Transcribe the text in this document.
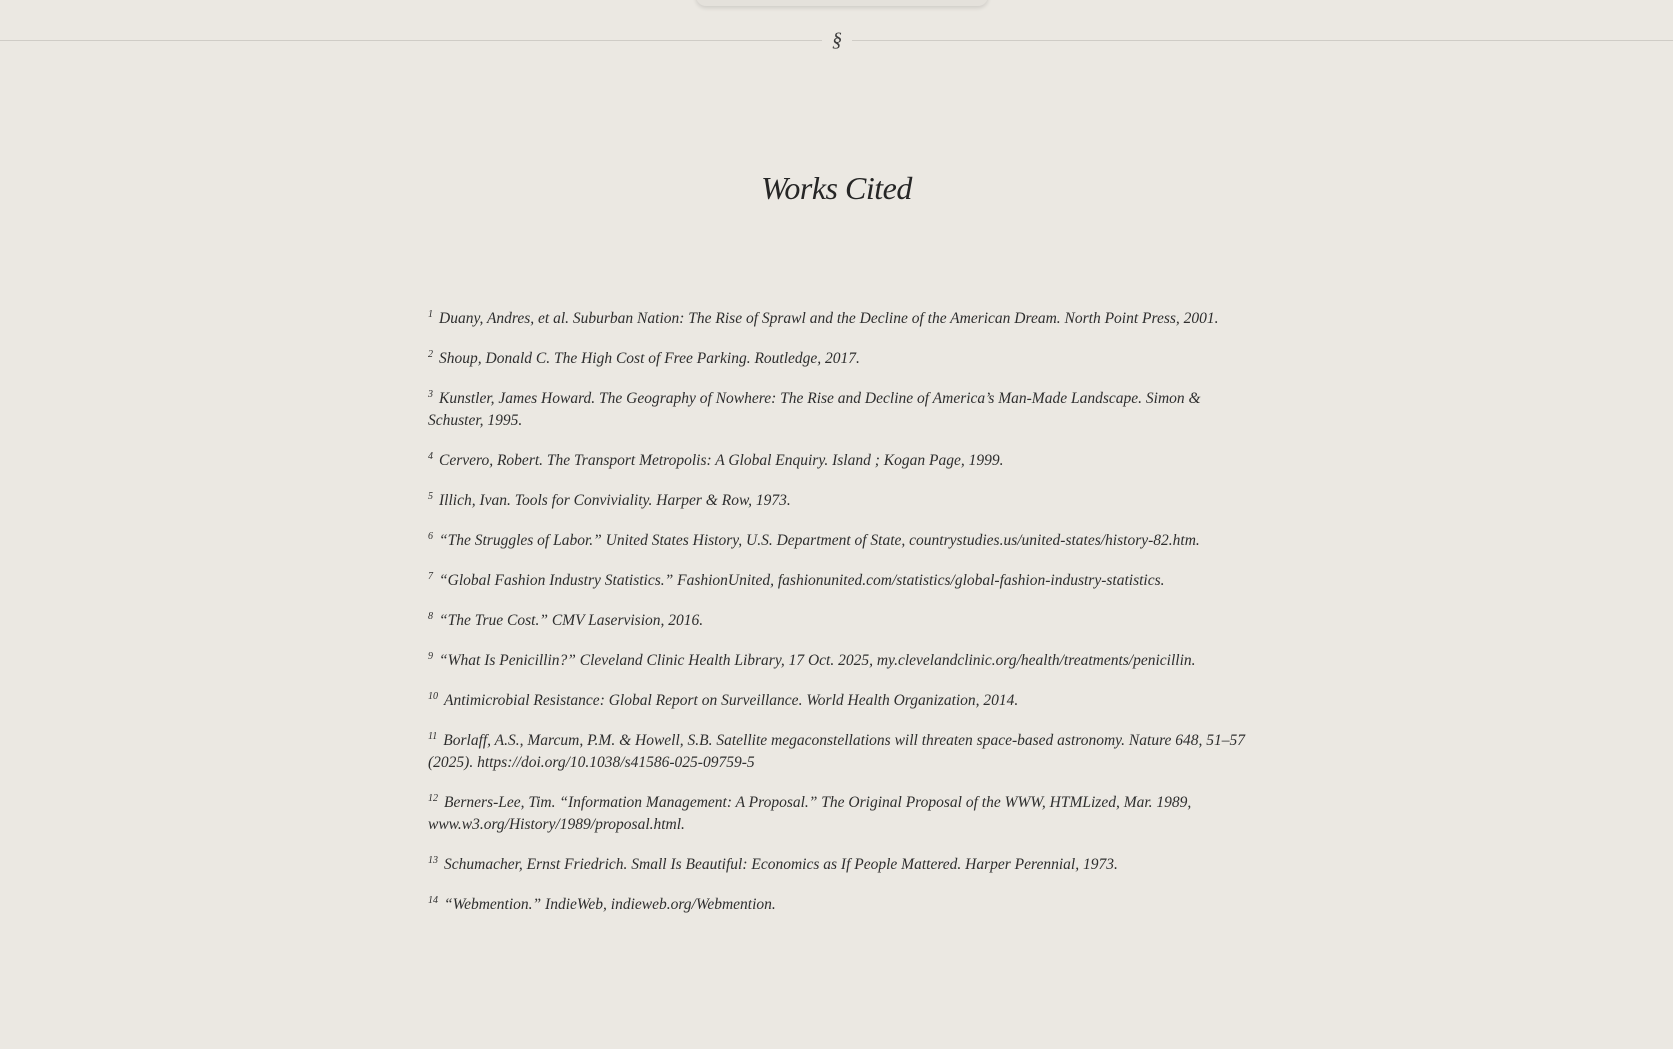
§
Works Cited
$^1$ Duany, Andres, et al. Suburban Nation: The Rise of Sprawl and the Decline of the American Dream. North Point Press, 2001.
$^2$ Shoup, Donald C. The High Cost of Free Parking. Routledge, 2017.
$^3$ Kunstler, James Howard. The Geography of Nowhere: The Rise and Decline of America’s Man-Made Landscape. Simon & Schuster, 1995.
$^4$ Cervero, Robert. The Transport Metropolis: A Global Enquiry. Island ; Kogan Page, 1999.
$^5$ Illich, Ivan. Tools for Conviviality. Harper & Row, 1973.
$^6$ “The Struggles of Labor.” United States History, U.S. Department of State, countrystudies.us/united-states/history-82.htm.
$^7$ “Global Fashion Industry Statistics.” FashionUnited, fashionunited.com/statistics/global-fashion-industry-statistics.
$^8$ “The True Cost.” CMV Laservision, 2016.
$^9$ “What Is Penicillin?” Cleveland Clinic Health Library, 17 Oct. 2025, my.clevelandclinic.org/health/treatments/penicillin.
$^{10}$ Antimicrobial Resistance: Global Report on Surveillance. World Health Organization, 2014.
$^{11}$ Borlaff, A.S., Marcum, P.M. & Howell, S.B. Satellite megaconstellations will threaten space-based astronomy. Nature 648, 51–57 (2025). https://doi.org/10.1038/s41586-025-09759-5
$^{12}$ Berners-Lee, Tim. “Information Management: A Proposal.” The Original Proposal of the WWW, HTMLized, Mar. 1989, www.w3.org/History/1989/proposal.html.
$^{13}$ Schumacher, Ernst Friedrich. Small Is Beautiful: Economics as If People Mattered. Harper Perennial, 1973.
$^{14}$ “Webmention.” IndieWeb, indieweb.org/Webmention.
